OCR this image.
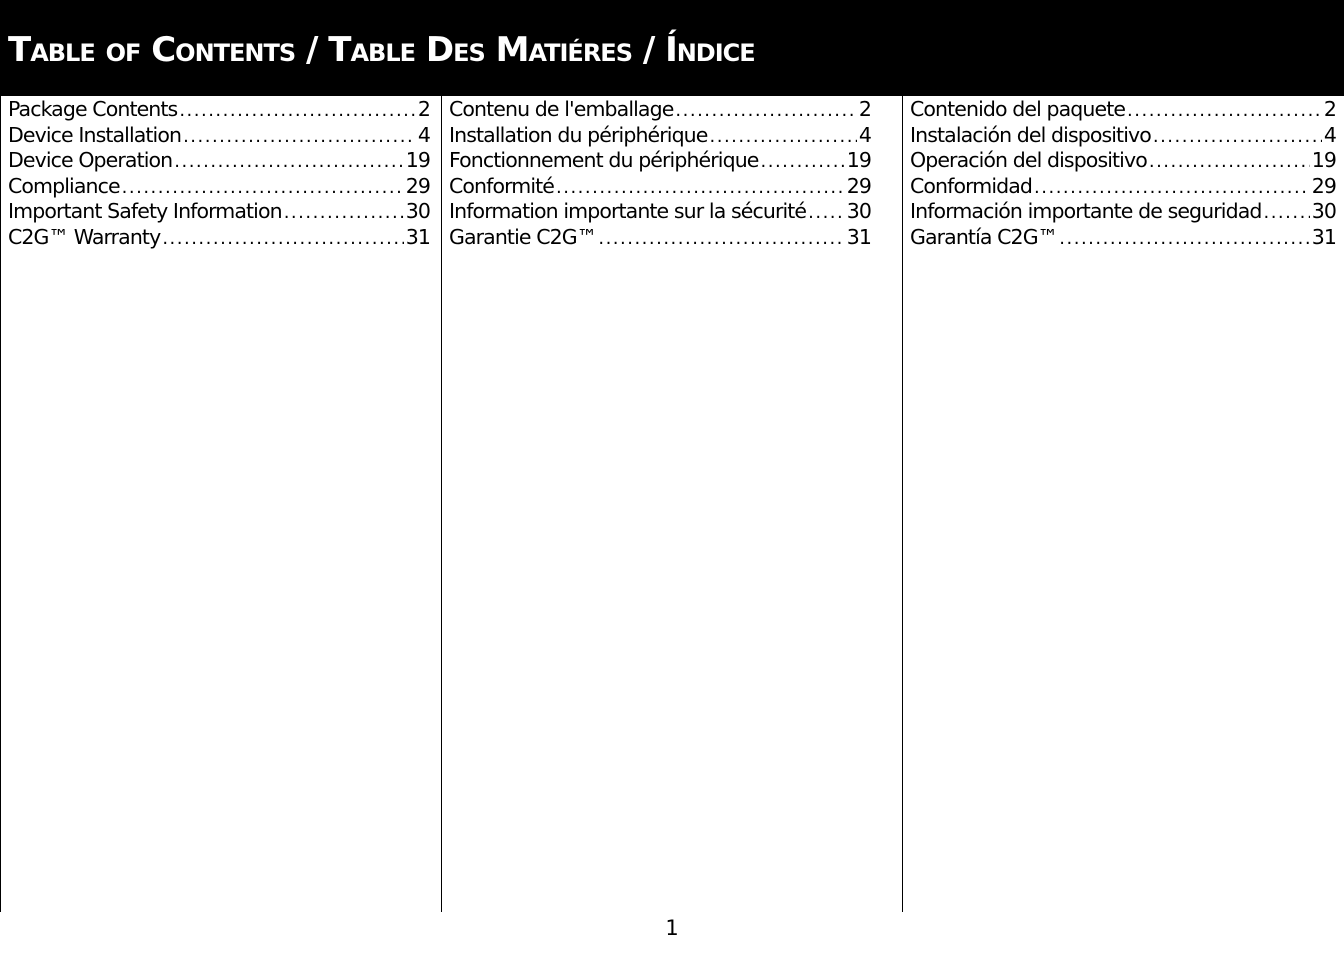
Table of Contents / Table Des Matiéres / Índice
Package Contents .....	2
Device Installation .....	4
Device Operation .....	19
Compliance .....	29
Important Safety Information .....	30
C2G™ Warranty .....	31
Contenu de l'emballage .....	2
Installation du périphérique .....	4
Fonctionnement du périphérique .....	19
Conformité .....	29
Information importante sur la sécurité ..... 30
Garantie C2G™ .....	31
Contenido del paquete .....	2
Instalación del dispositivo .....	4
Operación del dispositivo .....	19
Conformidad .....	29
Información importante de seguridad ..... 30
Garantía C2G™ .....	31
1
